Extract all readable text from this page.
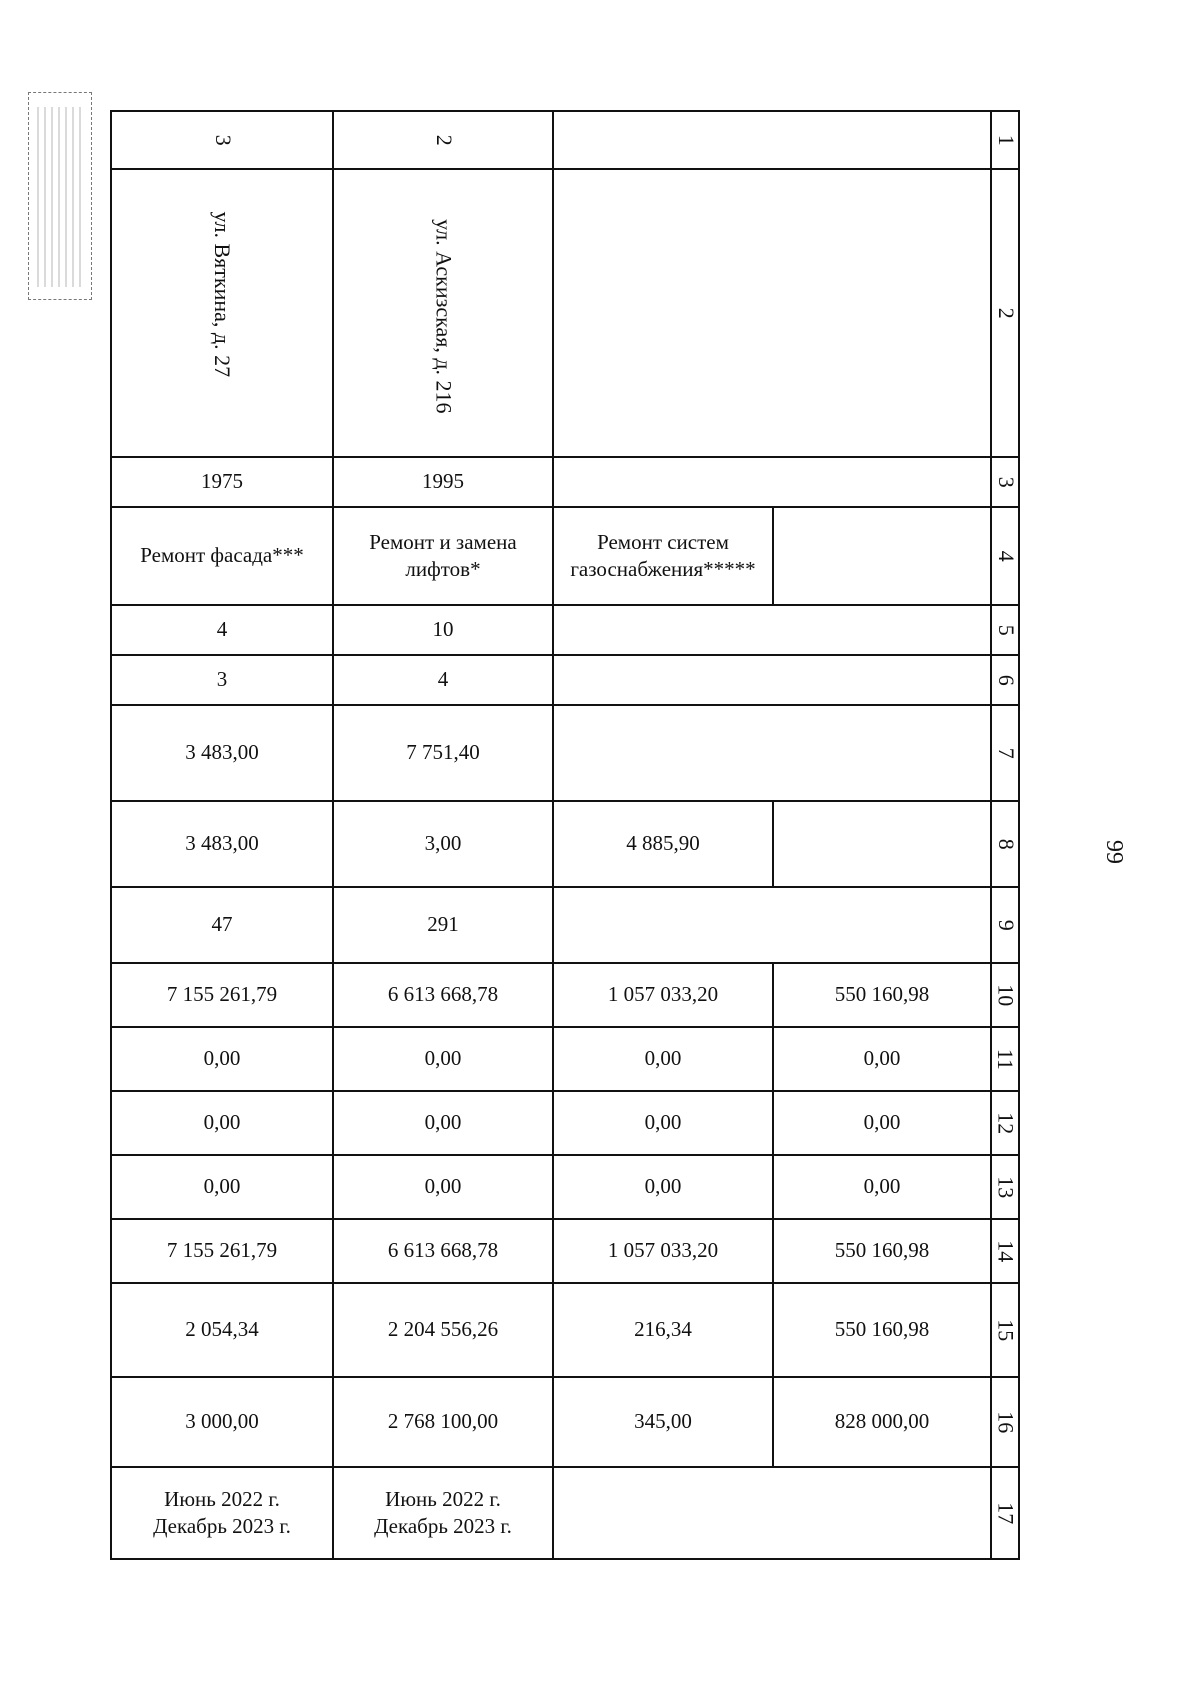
99
1
2
3
4
5
6
7
8
9
10
11
12
13
14
15
16
17
3
ул. Вяткина, д. 27
1975
Ремонт фасада***
4
3
3 483,00
3 483,00
47
7 155 261,79
0,00
0,00
0,00
7 155 261,79
2 054,34
3 000,00
Июнь 2022 г.
Декабрь 2023 г.
2
ул. Аскизская, д. 216
1995
Ремонт и замена лифтов*
10
4
7 751,40
3,00
291
6 613 668,78
0,00
0,00
0,00
6 613 668,78
2 204 556,26
2 768 100,00
Июнь 2022 г.
Декабрь 2023 г.
Ремонт систем газоснабжения*****
4 885,90
1 057 033,20
0,00
0,00
0,00
1 057 033,20
216,34
345,00
550 160,98
0,00
0,00
0,00
550 160,98
550 160,98
828 000,00
